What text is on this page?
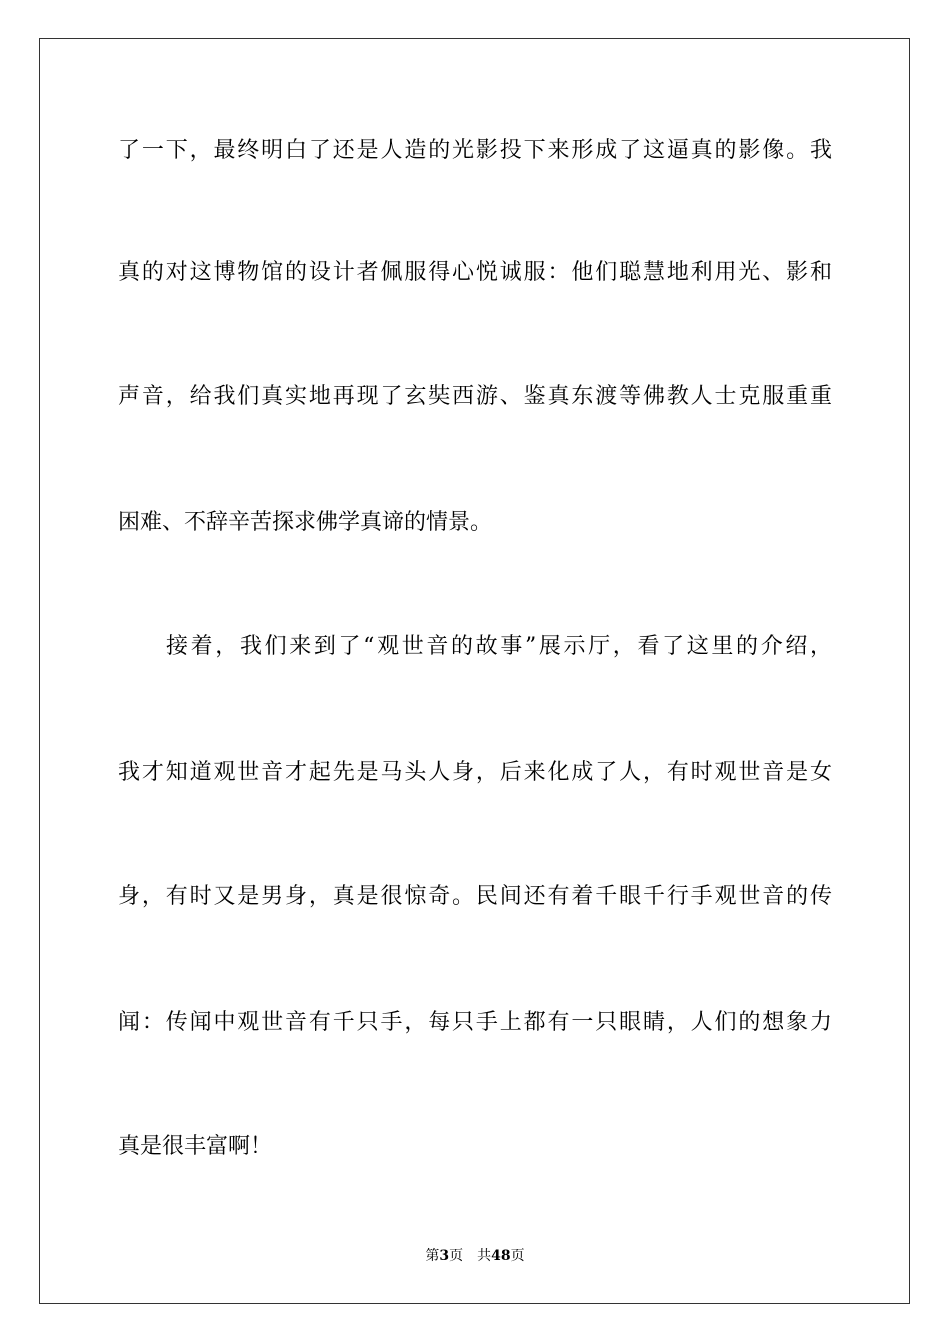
了一下，最终明白了还是人造的光影投下来形成了这逼真的影像。我
真的对这博物馆的设计者佩服得心悦诚服：他们聪慧地利用光、影和
声音，给我们真实地再现了玄奘西游、鉴真东渡等佛教人士克服重重
困难、不辞辛苦探求佛学真谛的情景。
接着，我们来到了“观世音的故事”展示厅，看了这里的介绍，
我才知道观世音才起先是马头人身，后来化成了人，有时观世音是女
身，有时又是男身，真是很惊奇。民间还有着千眼千行手观世音的传
闻：传闻中观世音有千只手，每只手上都有一只眼睛，人们的想象力
真是很丰富啊！
第3页 共48页
